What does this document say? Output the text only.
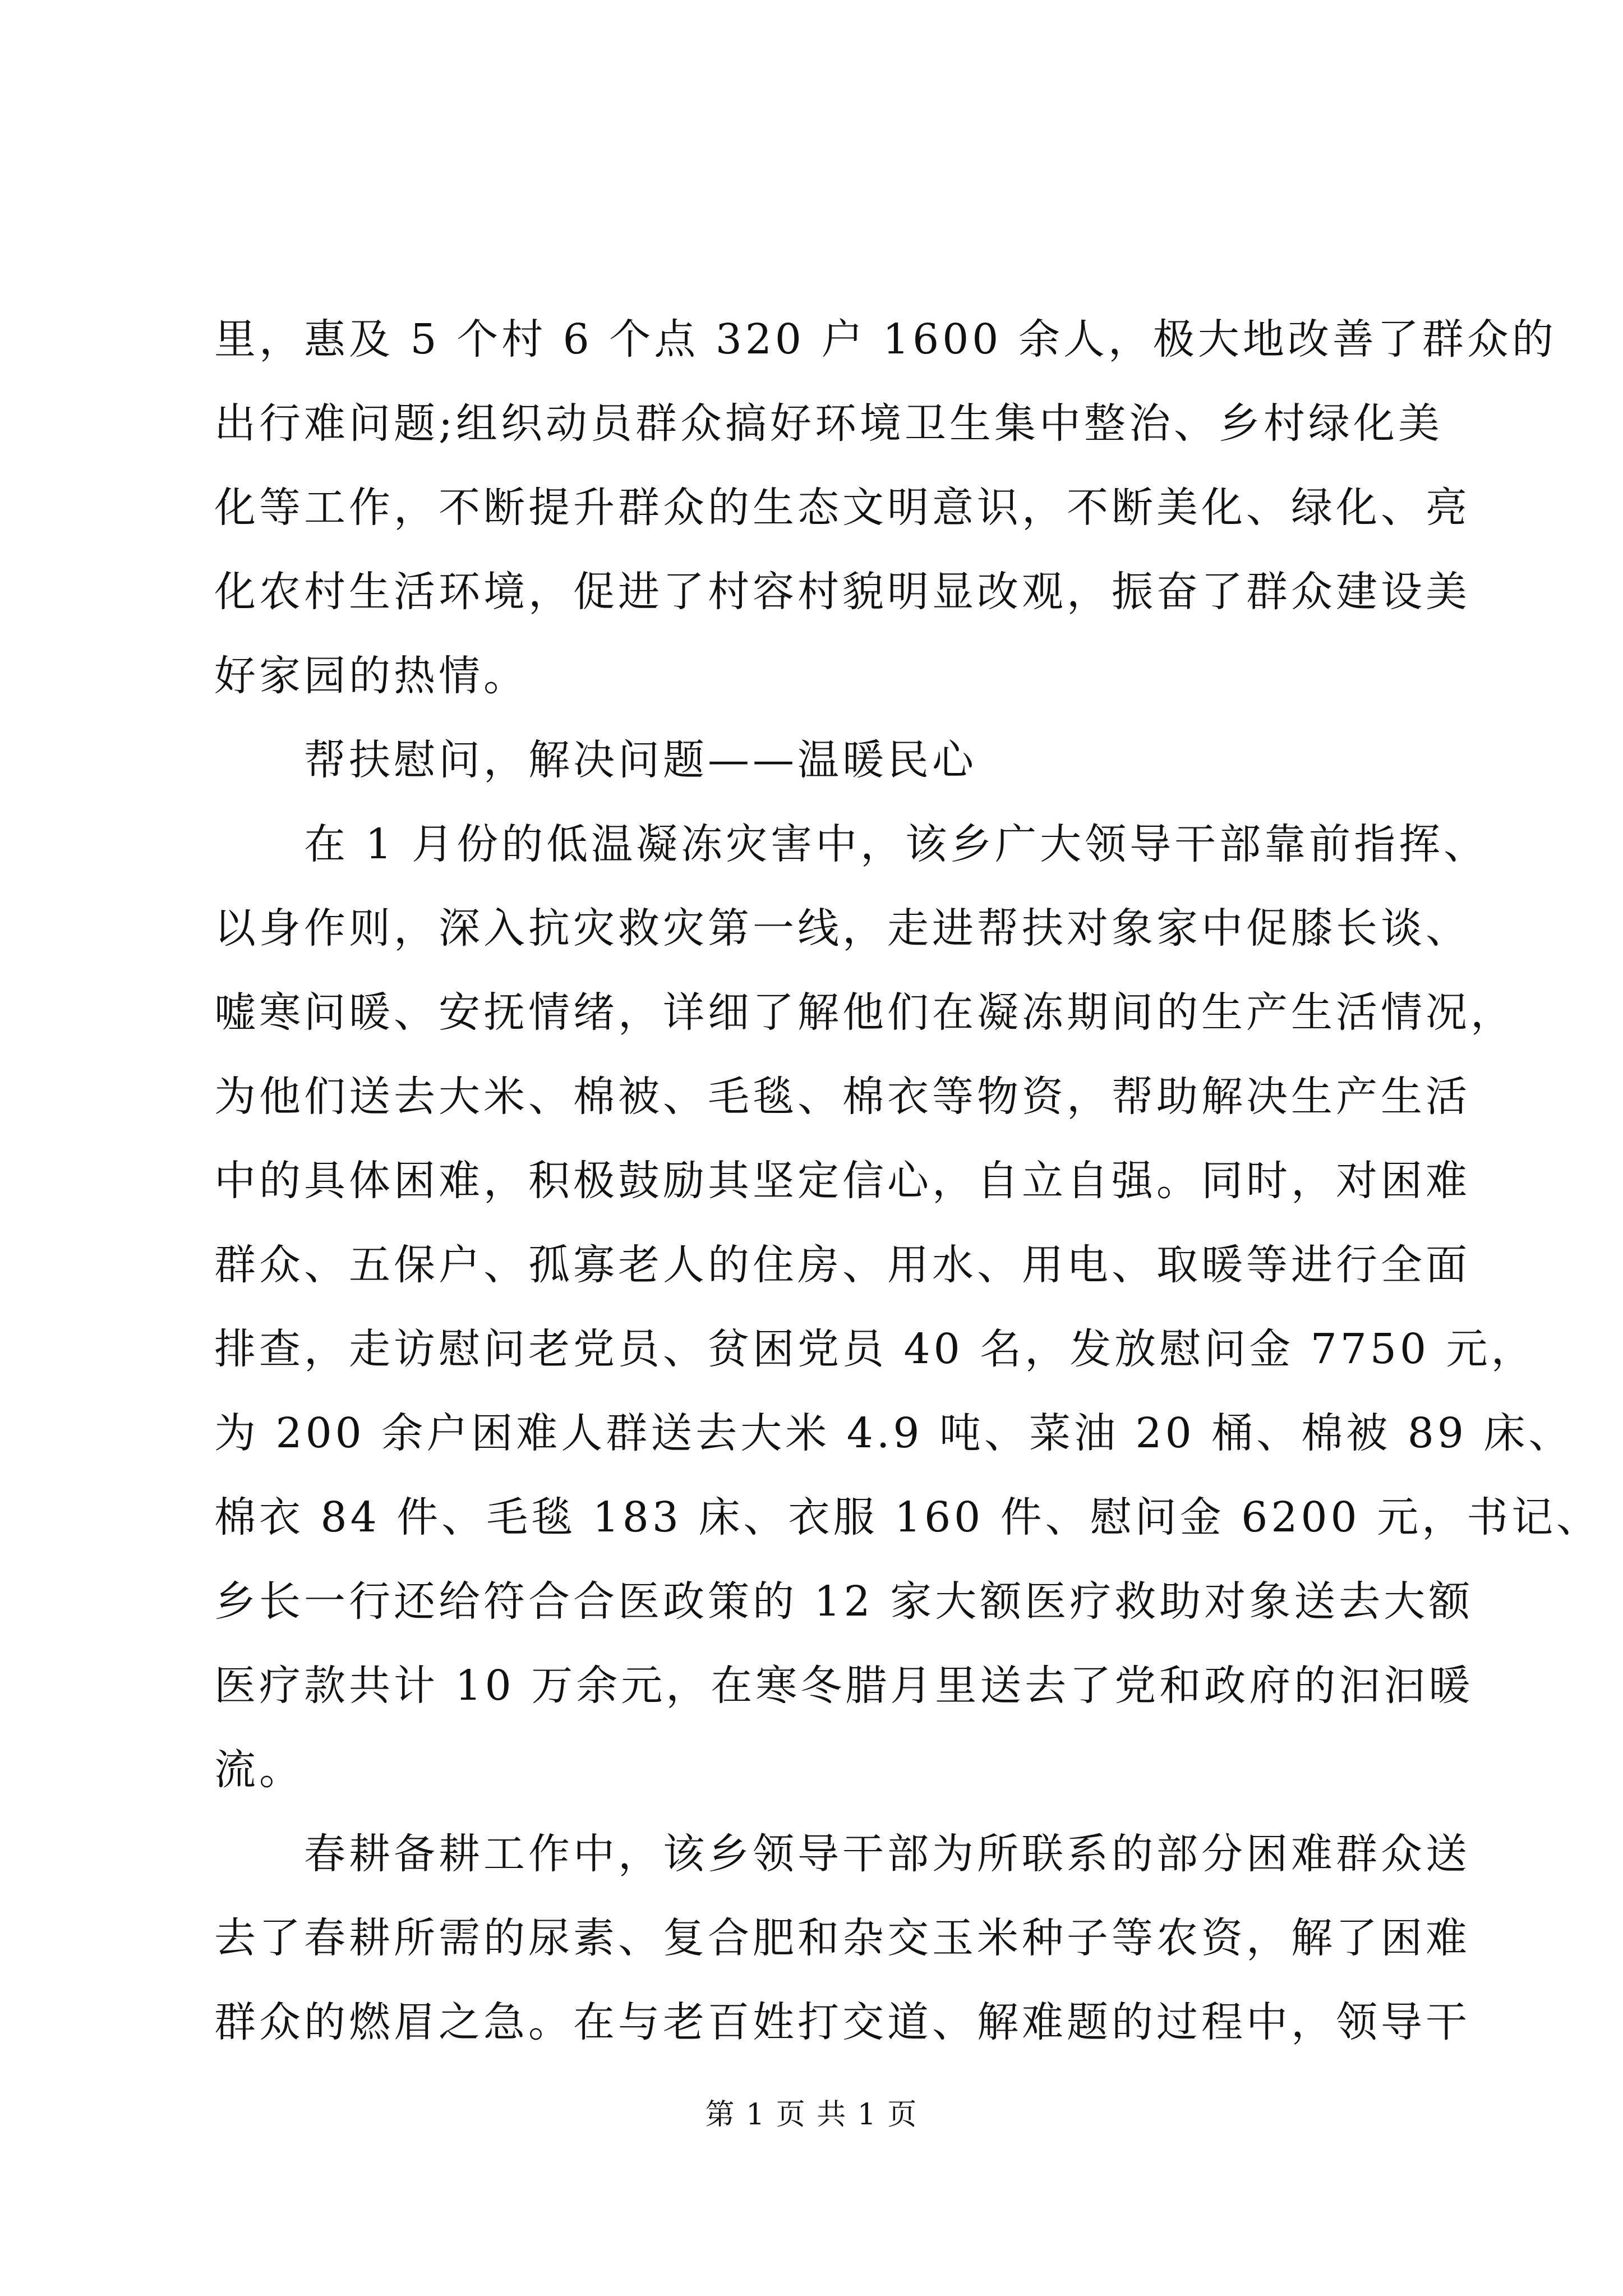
里，惠及 5 个村 6 个点 320 户 1600 余人，极大地改善了群众的
出行难问题;组织动员群众搞好环境卫生集中整治、乡村绿化美
化等工作，不断提升群众的生态文明意识，不断美化、绿化、亮
化农村生活环境，促进了村容村貌明显改观，振奋了群众建设美
好家园的热情。
帮扶慰问，解决问题——温暖民心
在 1 月份的低温凝冻灾害中，该乡广大领导干部靠前指挥、
以身作则，深入抗灾救灾第一线，走进帮扶对象家中促膝长谈、
嘘寒问暖、安抚情绪，详细了解他们在凝冻期间的生产生活情况，
为他们送去大米、棉被、毛毯、棉衣等物资，帮助解决生产生活
中的具体困难，积极鼓励其坚定信心，自立自强。同时，对困难
群众、五保户、孤寡老人的住房、用水、用电、取暖等进行全面
排查，走访慰问老党员、贫困党员 40 名，发放慰问金 7750 元，
为 200 余户困难人群送去大米 4.9 吨、菜油 20 桶、棉被 89 床、
棉衣 84 件、毛毯 183 床、衣服 160 件、慰问金 6200 元，书记、
乡长一行还给符合合医政策的 12 家大额医疗救助对象送去大额
医疗款共计 10 万余元，在寒冬腊月里送去了党和政府的汩汩暖
流。
春耕备耕工作中，该乡领导干部为所联系的部分困难群众送
去了春耕所需的尿素、复合肥和杂交玉米种子等农资，解了困难
群众的燃眉之急。在与老百姓打交道、解难题的过程中，领导干
第 1 页 共 1 页
